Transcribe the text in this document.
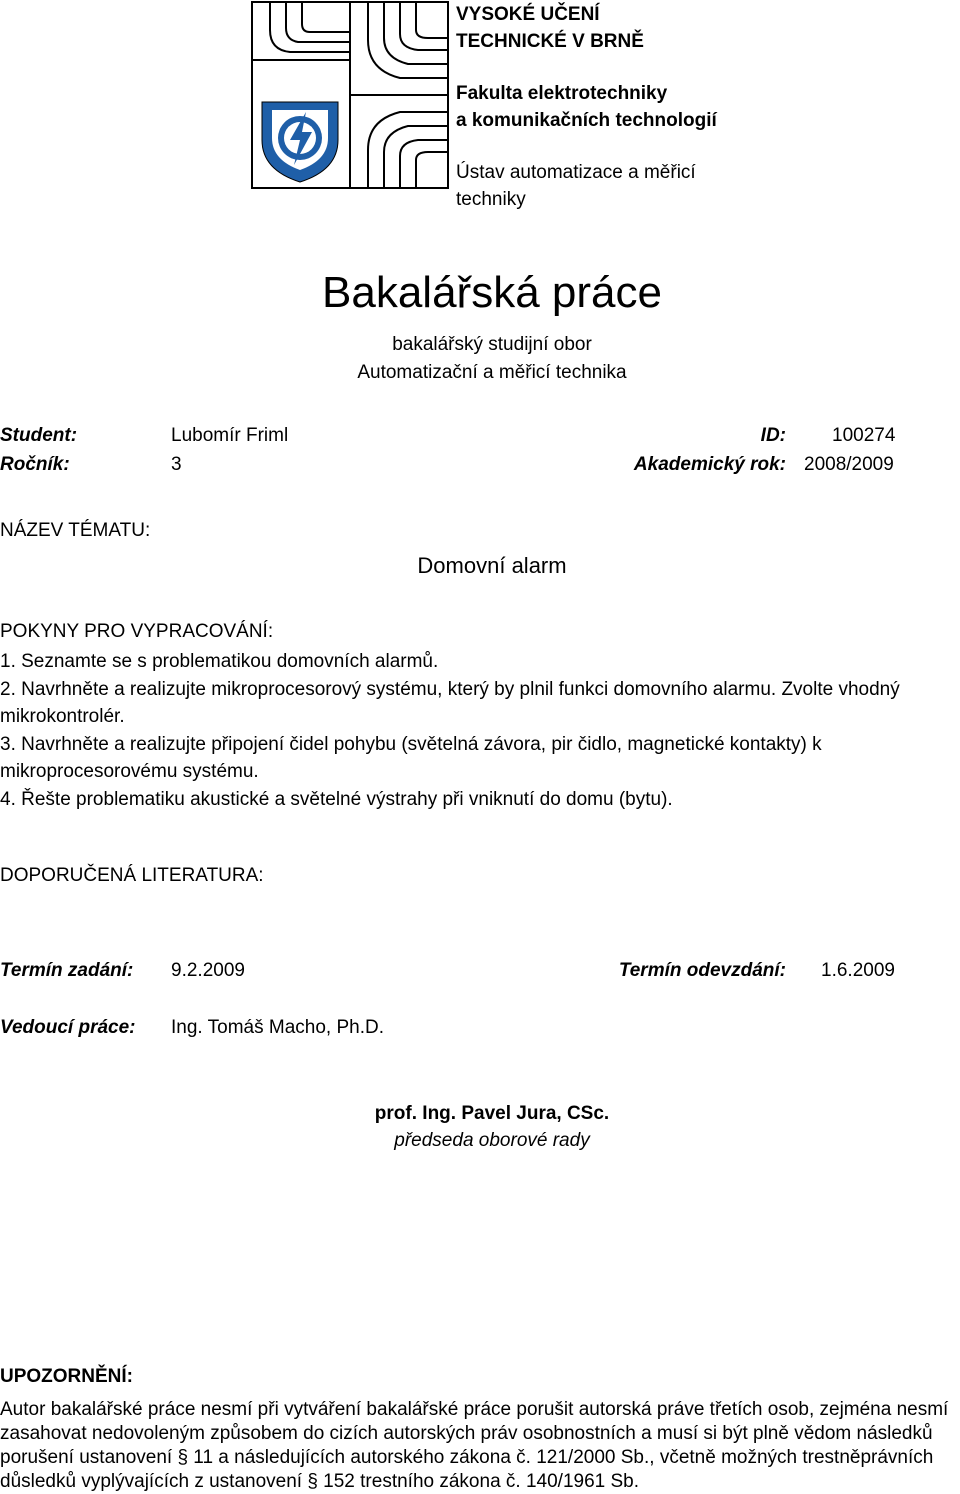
VYSOKÉ UČENÍ
TECHNICKÉ V BRNĚ
Fakulta elektrotechniky
a komunikačních technologií
Ústav automatizace a měřicí
techniky
Bakalářská práce
bakalářský studijní obor
Automatizační a měřicí technika
Student:	Lubomír Friml	ID: 100274
Ročník:	3	Akademický rok: 2008/2009
NÁZEV TÉMATU:
Domovní alarm
POKYNY PRO VYPRACOVÁNÍ:

1. Seznamte se s problematikou domovních alarmů.

2. Navrhněte a realizujte mikroprocesorový systému, který by plnil funkci domovního alarmu. Zvolte vhodný mikrokontrolér.

3. Navrhněte a realizujte připojení čidel pohybu (světelná závora, pir čidlo, magnetické kontakty) k mikroprocesorovému systému.

4. Řešte problematiku akustické a světelné výstrahy při vniknutí do domu (bytu).

DOPORUČENÁ LITERATURA:
Termín zadání: 9.2.2009	Termín odevzdání: 1.6.2009
Vedoucí práce: Ing. Tomáš Macho, Ph.D.
prof. Ing. Pavel Jura, CSc.
předseda oborové rady
UPOZORNĚNÍ:
Autor bakalářské práce nesmí při vytváření bakalářské práce porušit autorská práve třetích osob, zejména nesmí zasahovat nedovoleným způsobem do cizích autorských práv osobnostních a musí si být plně vědom následků porušení ustanovení § 11 a následujících autorského zákona č. 121/2000 Sb., včetně možných trestněprávních důsledků vyplývajících z ustanovení § 152 trestního zákona č. 140/1961 Sb.
